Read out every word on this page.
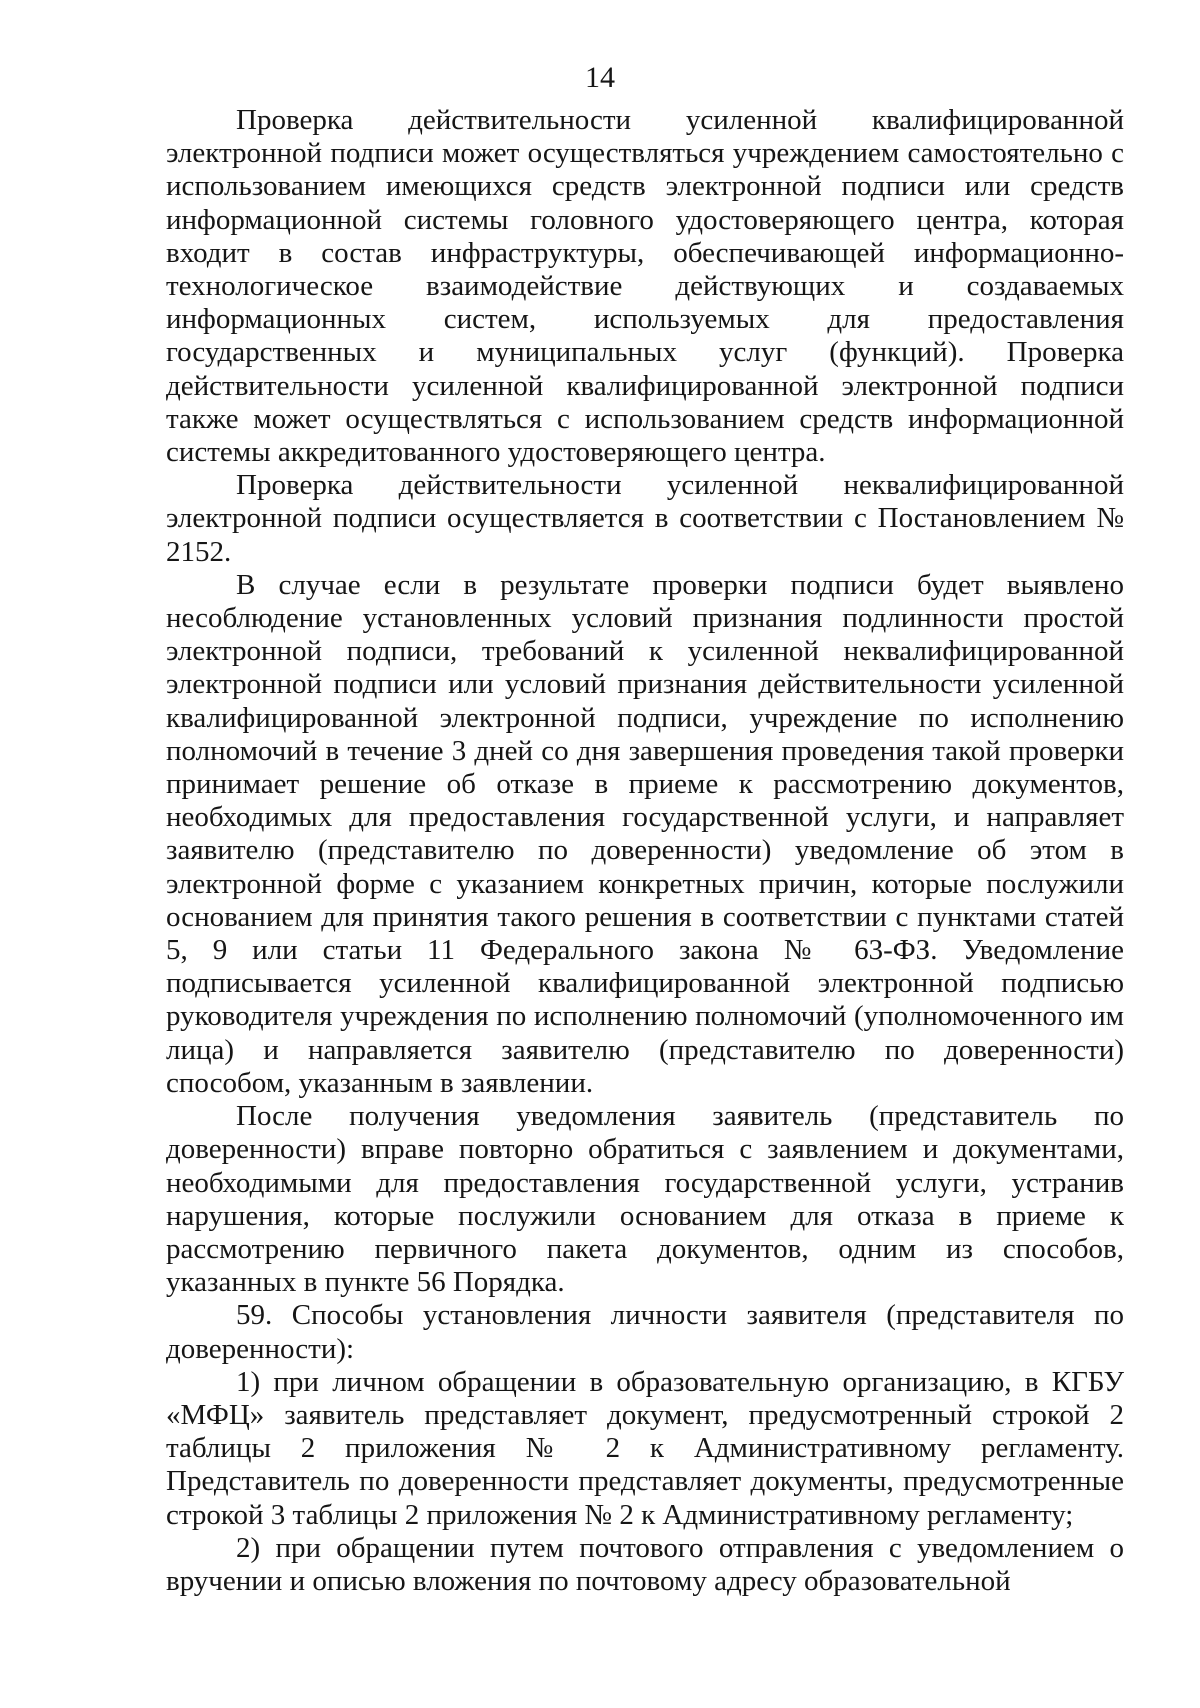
14

Проверка действительности усиленной квалифицированной электронной подписи может осуществляться учреждением самостоятельно с использованием имеющихся средств электронной подписи или средств информационной системы головного удостоверяющего центра, которая входит в состав инфраструктуры, обеспечивающей информационно-технологическое взаимодействие действующих и создаваемых информационных систем, используемых для предоставления государственных и муниципальных услуг (функций). Проверка действительности усиленной квалифицированной электронной подписи также может осуществляться с использованием средств информационной системы аккредитованного удостоверяющего центра.

Проверка действительности усиленной неквалифицированной электронной подписи осуществляется в соответствии с Постановлением № 2152.

В случае если в результате проверки подписи будет выявлено несоблюдение установленных условий признания подлинности простой электронной подписи, требований к усиленной неквалифицированной электронной подписи или условий признания действительности усиленной квалифицированной электронной подписи, учреждение по исполнению полномочий в течение 3 дней со дня завершения проведения такой проверки принимает решение об отказе в приеме к рассмотрению документов, необходимых для предоставления государственной услуги, и направляет заявителю (представителю по доверенности) уведомление об этом в электронной форме с указанием конкретных причин, которые послужили основанием для принятия такого решения в соответствии с пунктами статей 5, 9 или статьи 11 Федерального закона № 63-ФЗ. Уведомление подписывается усиленной квалифицированной электронной подписью руководителя учреждения по исполнению полномочий (уполномоченного им лица) и направляется заявителю (представителю по доверенности) способом, указанным в заявлении.

После получения уведомления заявитель (представитель по доверенности) вправе повторно обратиться с заявлением и документами, необходимыми для предоставления государственной услуги, устранив нарушения, которые послужили основанием для отказа в приеме к рассмотрению первичного пакета документов, одним из способов, указанных в пункте 56 Порядка.

59. Способы установления личности заявителя (представителя по доверенности):

1) при личном обращении в образовательную организацию, в КГБУ «МФЦ» заявитель представляет документ, предусмотренный строкой 2 таблицы 2 приложения № 2 к Административному регламенту. Представитель по доверенности представляет документы, предусмотренные строкой 3 таблицы 2 приложения № 2 к Административному регламенту;

2) при обращении путем почтового отправления с уведомлением о вручении и описью вложения по почтовому адресу образовательной
